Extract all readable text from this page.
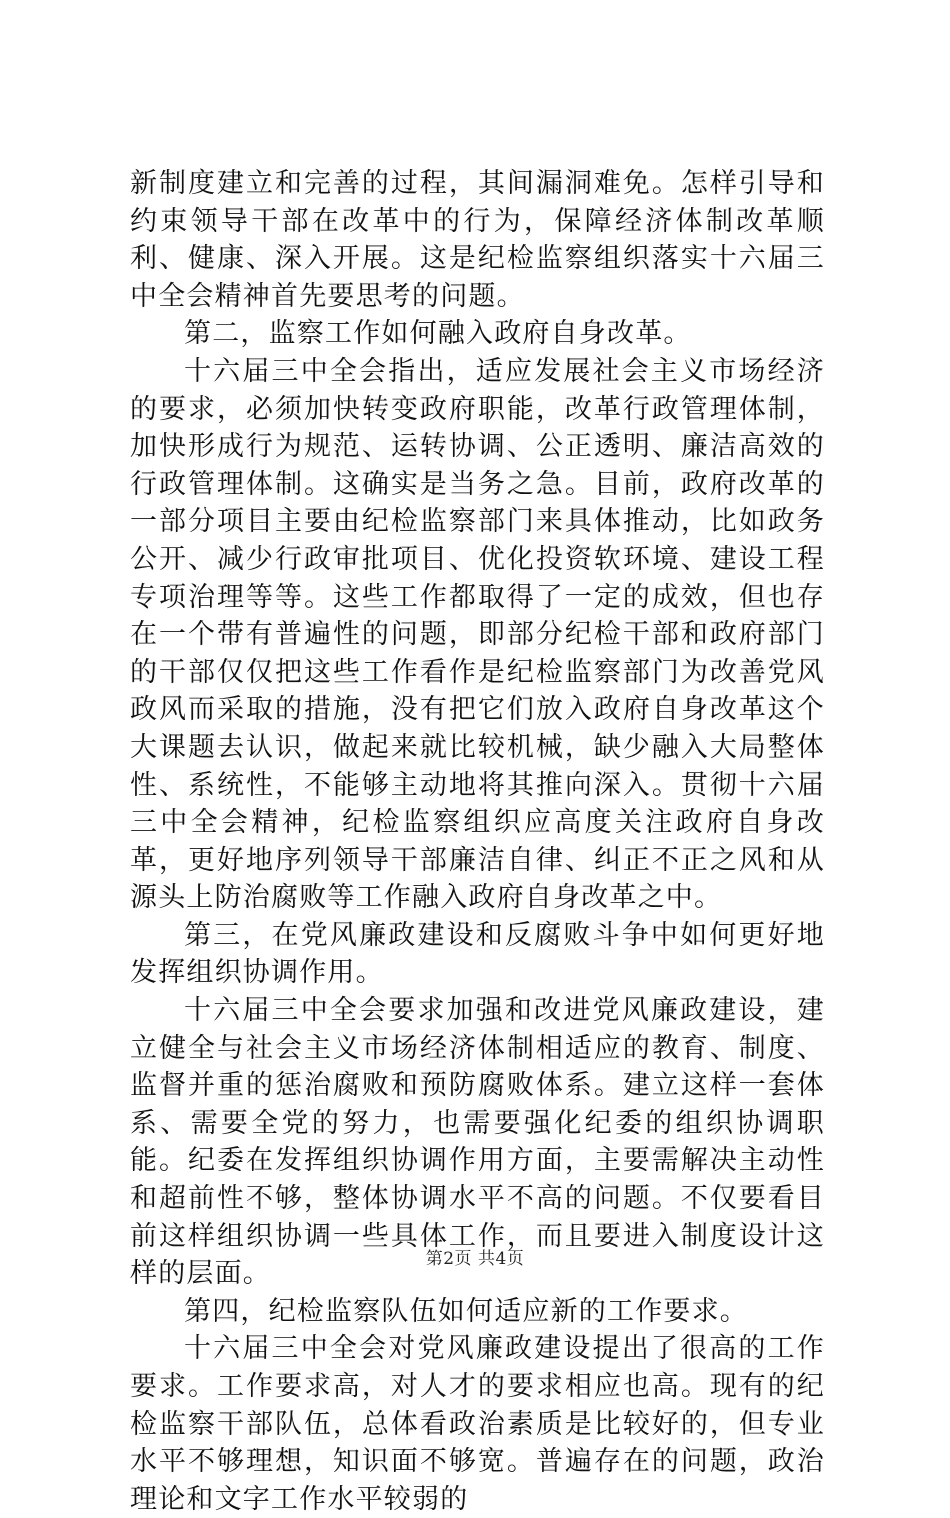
新制度建立和完善的过程，其间漏洞难免。怎样引导和约束领导干部在改革中的行为，保障经济体制改革顺利、健康、深入开展。这是纪检监察组织落实十六届三中全会精神首先要思考的问题。

第二，监察工作如何融入政府自身改革。

十六届三中全会指出，适应发展社会主义市场经济的要求，必须加快转变政府职能，改革行政管理体制，加快形成行为规范、运转协调、公正透明、廉洁高效的行政管理体制。这确实是当务之急。目前，政府改革的一部分项目主要由纪检监察部门来具体推动，比如政务公开、减少行政审批项目、优化投资软环境、建设工程专项治理等等。这些工作都取得了一定的成效，但也存在一个带有普遍性的问题，即部分纪检干部和政府部门的干部仅仅把这些工作看作是纪检监察部门为改善党风政风而采取的措施，没有把它们放入政府自身改革这个大课题去认识，做起来就比较机械，缺少融入大局整体性、系统性，不能够主动地将其推向深入。贯彻十六届三中全会精神，纪检监察组织应高度关注政府自身改革，更好地序列领导干部廉洁自律、纠正不正之风和从源头上防治腐败等工作融入政府自身改革之中。

第三，在党风廉政建设和反腐败斗争中如何更好地发挥组织协调作用。

十六届三中全会要求加强和改进党风廉政建设，建立健全与社会主义市场经济体制相适应的教育、制度、监督并重的惩治腐败和预防腐败体系。建立这样一套体系、需要全党的努力，也需要强化纪委的组织协调职能。纪委在发挥组织协调作用方面，主要需解决主动性和超前性不够，整体协调水平不高的问题。不仅要看目前这样组织协调一些具体工作，而且要进入制度设计这样的层面。

第四，纪检监察队伍如何适应新的工作要求。

十六届三中全会对党风廉政建设提出了很高的工作要求。工作要求高，对人才的要求相应也高。现有的纪检监察干部队伍，总体看政治素质是比较好的，但专业水平不够理想，知识面不够宽。普遍存在的问题，政治理论和文字工作水平较弱的

第2页 共4页
